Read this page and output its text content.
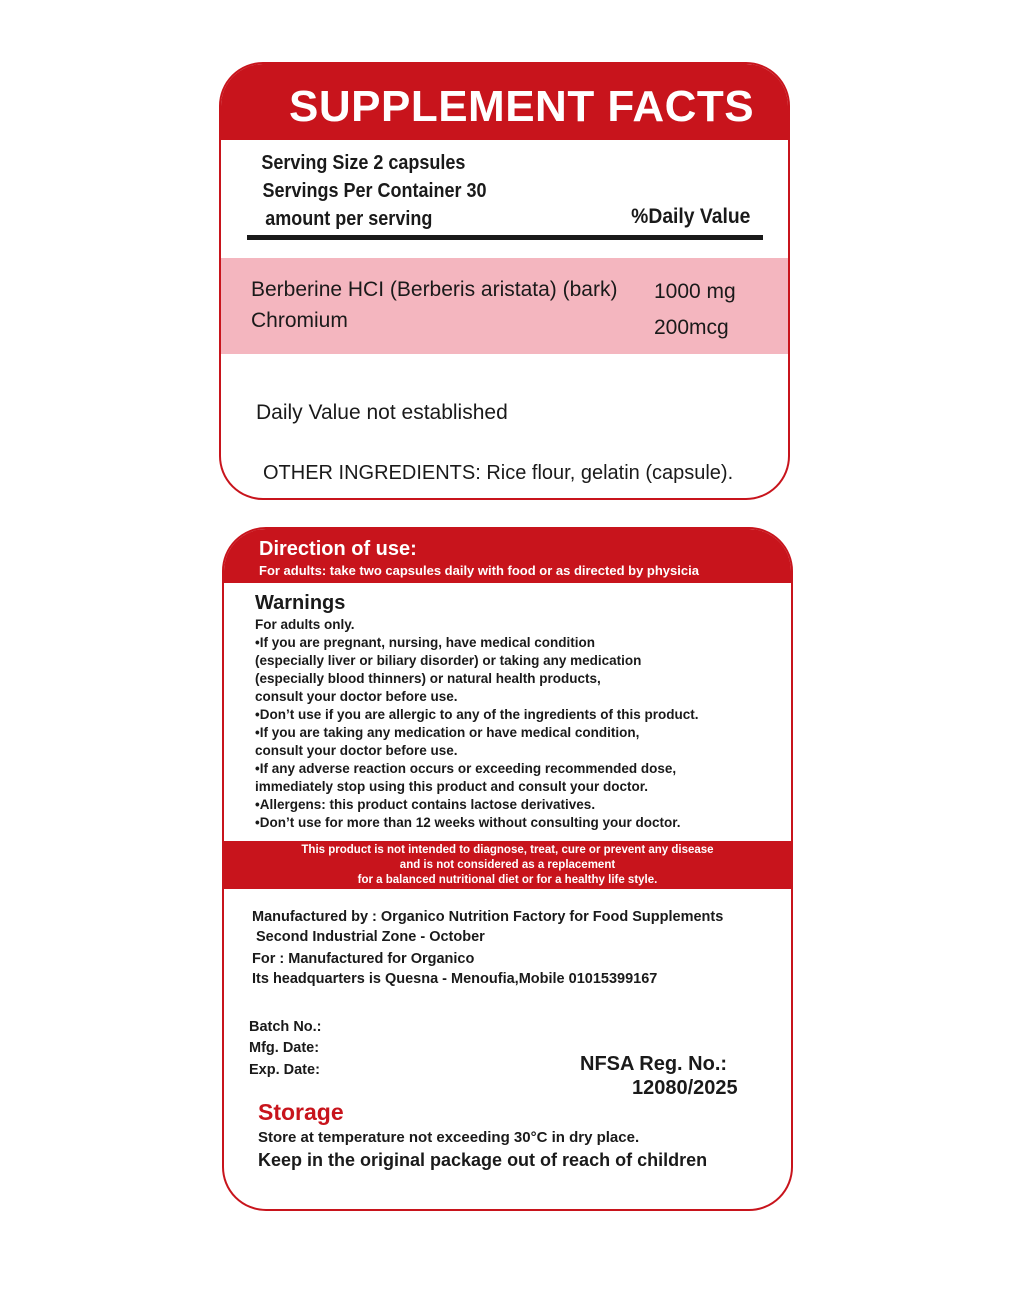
SUPPLEMENT FACTS
Serving Size 2 capsules
Servings Per Container 30
amount per serving	%Daily Value
Berberine HCI (Berberis aristata) (bark) 1000 mg
Chromium	200mcg
Daily Value not established
OTHER INGREDIENTS: Rice flour, gelatin (capsule).
Direction of use:
For adults: take two capsules daily with food or as directed by physicia
Warnings
For adults only.
•If you are pregnant, nursing, have medical condition
(especially liver or biliary disorder) or taking any medication
(especially blood thinners) or natural health products,
consult your doctor before use.
•Don’t use if you are allergic to any of the ingredients of this product.
•If you are taking any medication or have medical condition,
consult your doctor before use.
•If any adverse reaction occurs or exceeding recommended dose,
immediately stop using this product and consult your doctor.
•Allergens: this product contains lactose derivatives.
•Don’t use for more than 12 weeks without consulting your doctor.
This product is not intended to diagnose, treat, cure or prevent any disease
and is not considered as a replacement
for a balanced nutritional diet or for a healthy life style.
Manufactured by : Organico Nutrition Factory for Food Supplements
Second Industrial Zone - October
For : Manufactured for Organico
Its headquarters is Quesna - Menoufia,Mobile 01015399167
Batch No.:
Mfg. Date:
Exp. Date:	NFSA Reg. No.:
12080/2025
Storage
Store at temperature not exceeding 30°C in dry place.
Keep in the original package out of reach of children
